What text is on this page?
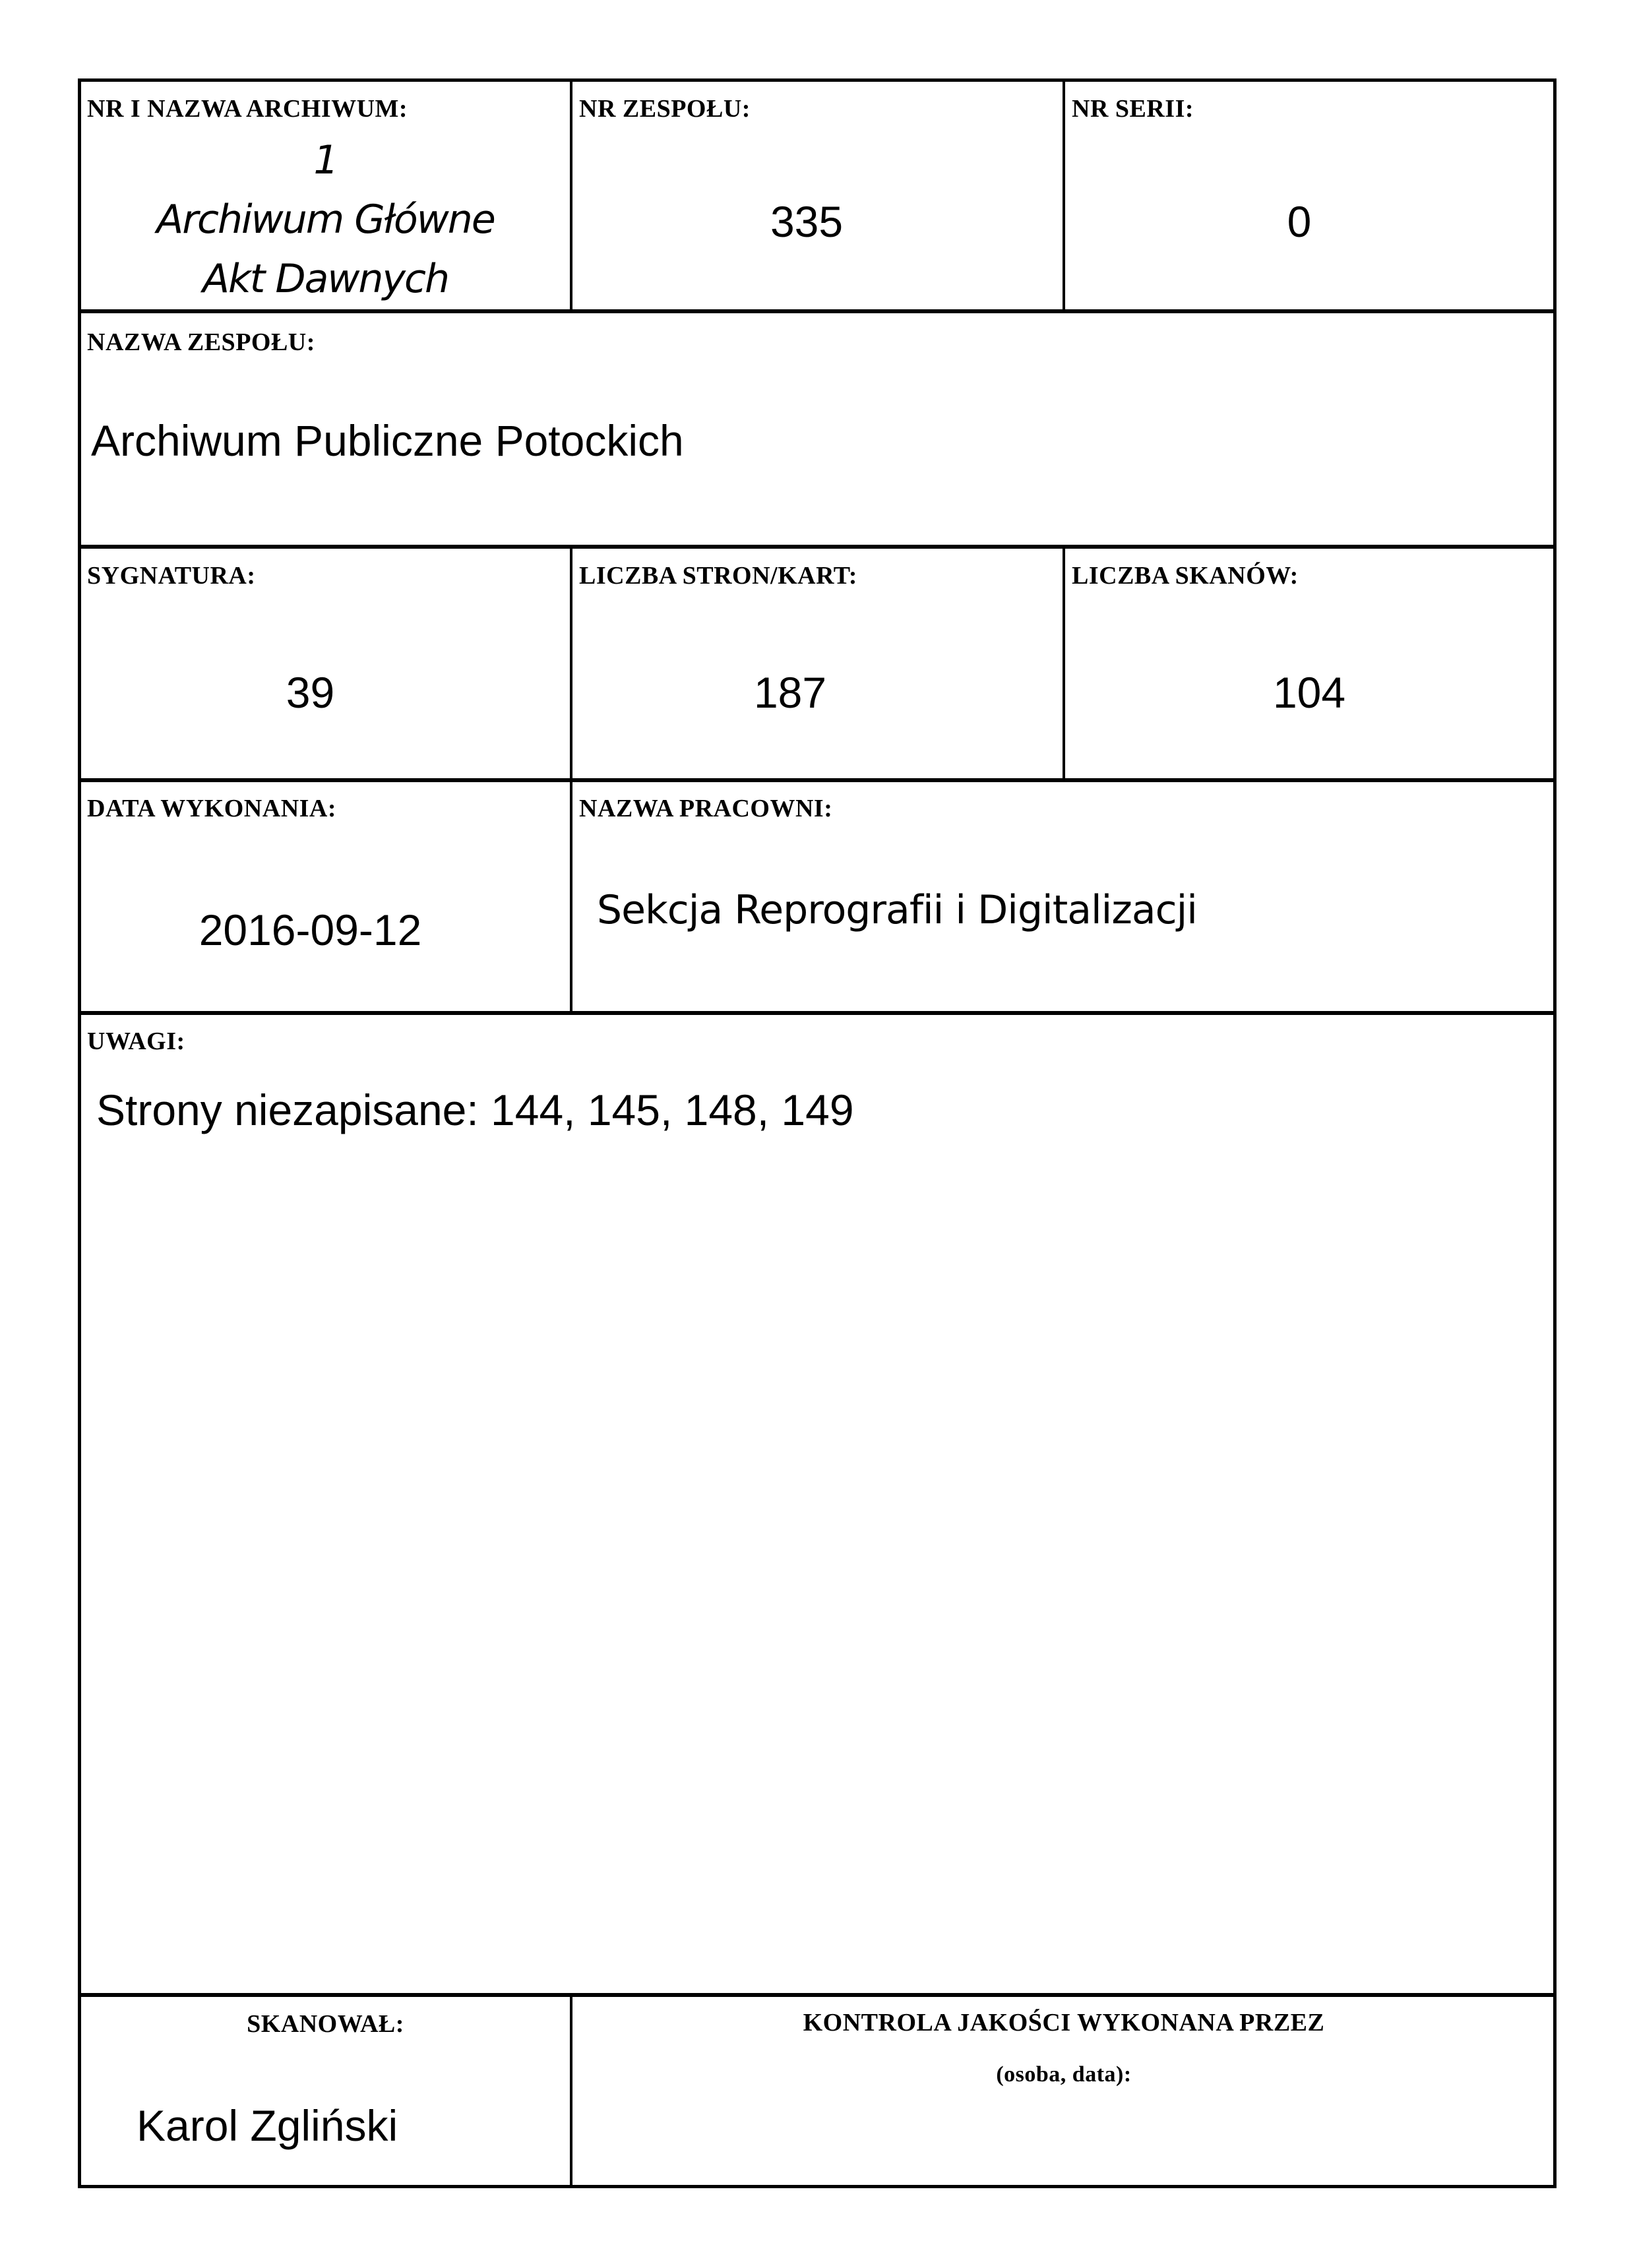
NR I NAZWA ARCHIWUM:
1
Archiwum Główne
Akt Dawnych
NR ZESPOŁU:
335
NR SERII:
0
NAZWA ZESPOŁU:
Archiwum Publiczne Potockich
SYGNATURA:
39
LICZBA STRON/KART:
187
LICZBA SKANÓW:
104
DATA WYKONANIA:
2016-09-12
NAZWA PRACOWNI:
Sekcja Reprografii i Digitalizacji
UWAGI:
Strony niezapisane: 144, 145, 148, 149
SKANOWAŁ:
Karol Zgliński
KONTROLA JAKOŚCI WYKONANA PRZEZ
(osoba, data):
